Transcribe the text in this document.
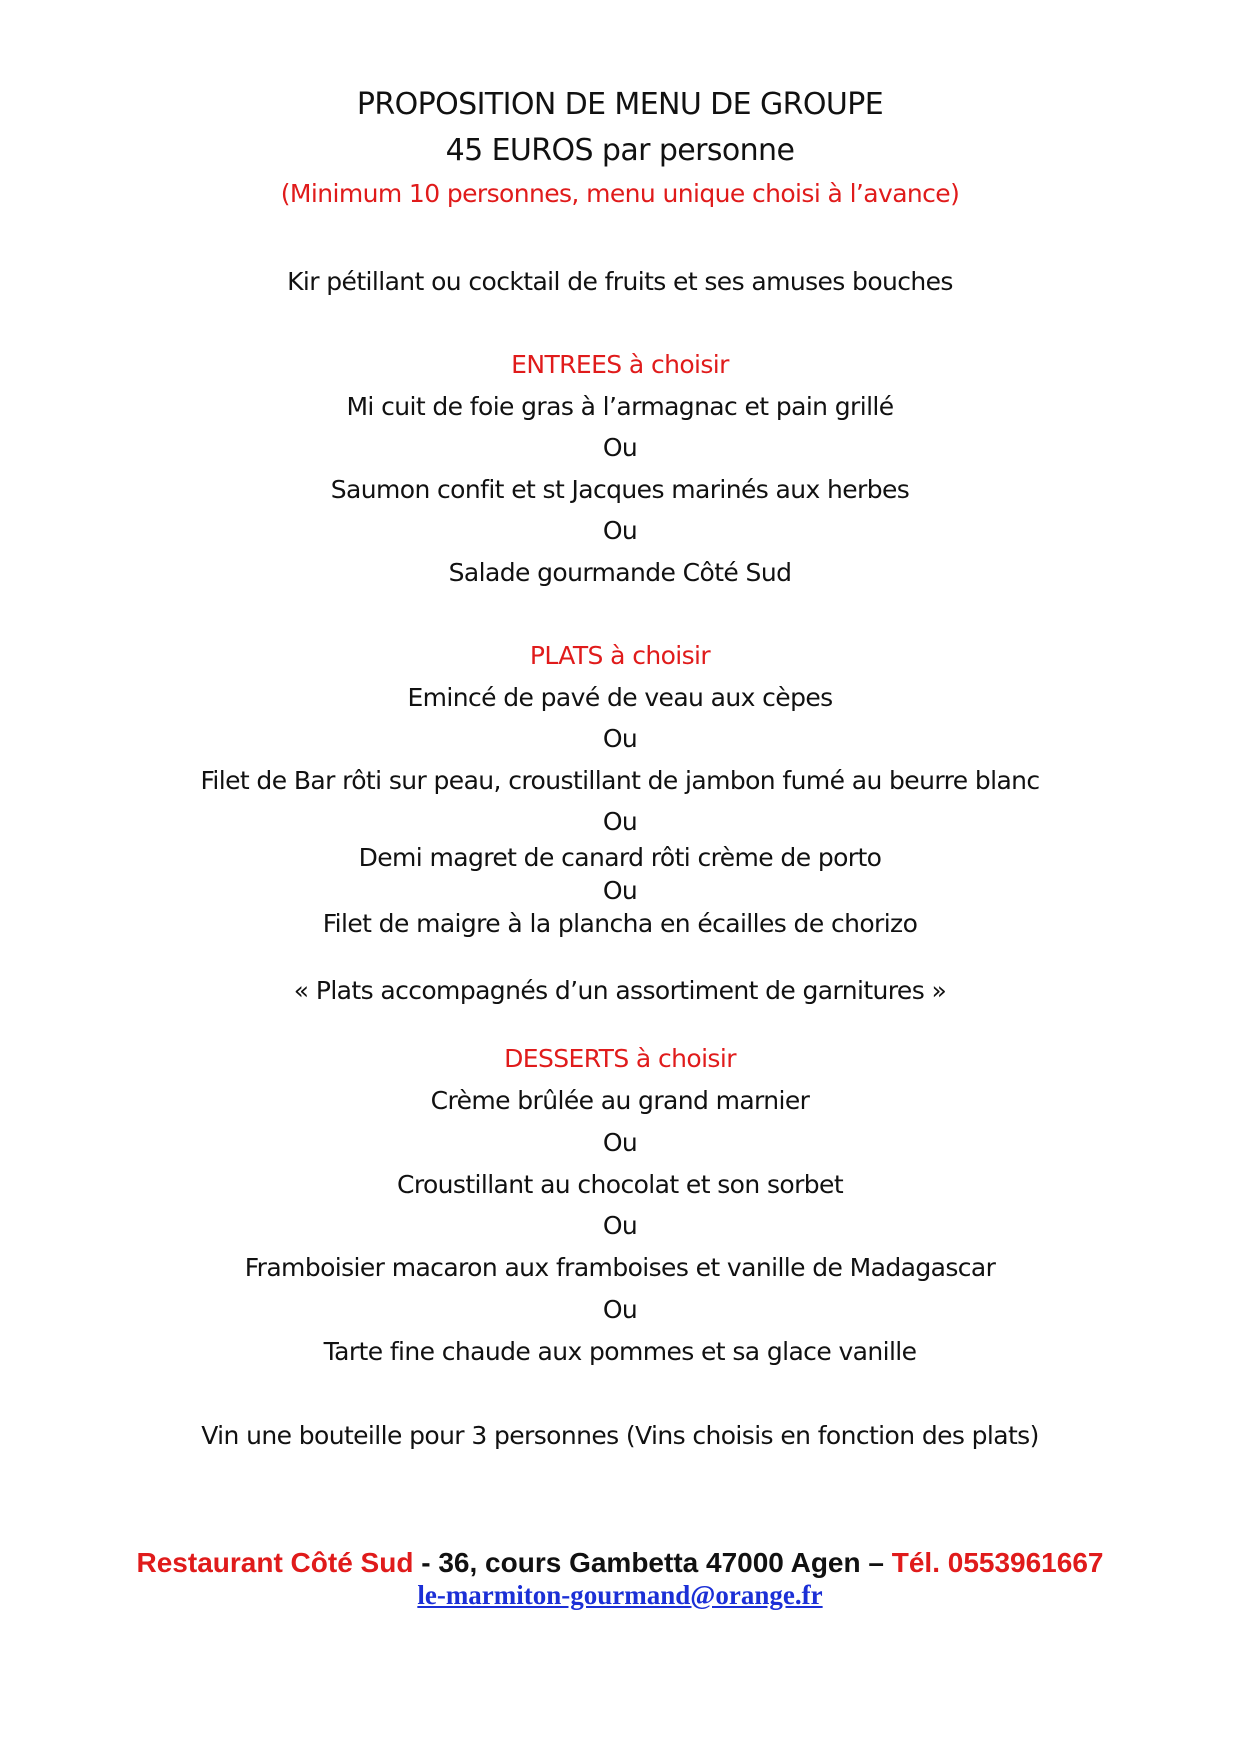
PROPOSITION DE MENU DE GROUPE
45 EUROS par personne
(Minimum 10 personnes, menu unique choisi à l’avance)
Kir pétillant ou cocktail de fruits et ses amuses bouches
ENTREES à choisir
Mi cuit de foie gras à l’armagnac et pain grillé
Ou
Saumon confit et st Jacques marinés aux herbes
Ou
Salade gourmande Côté Sud
PLATS à choisir
Emincé de pavé de veau aux cèpes
Ou
Filet de Bar rôti sur peau, croustillant de jambon fumé au beurre blanc
Ou
Demi magret de canard rôti crème de porto
Ou
Filet de maigre à la plancha en écailles de chorizo
« Plats accompagnés d’un assortiment de garnitures »
DESSERTS à choisir
Crème brûlée au grand marnier
Ou
Croustillant au chocolat et son sorbet
Ou
Framboisier macaron aux framboises et vanille de Madagascar
Ou
Tarte fine chaude aux pommes et sa glace vanille
Vin une bouteille pour 3 personnes (Vins choisis en fonction des plats)
Restaurant Côté Sud - 36, cours Gambetta 47000 Agen – Tél. 0553961667
le-marmiton-gourmand@orange.fr
